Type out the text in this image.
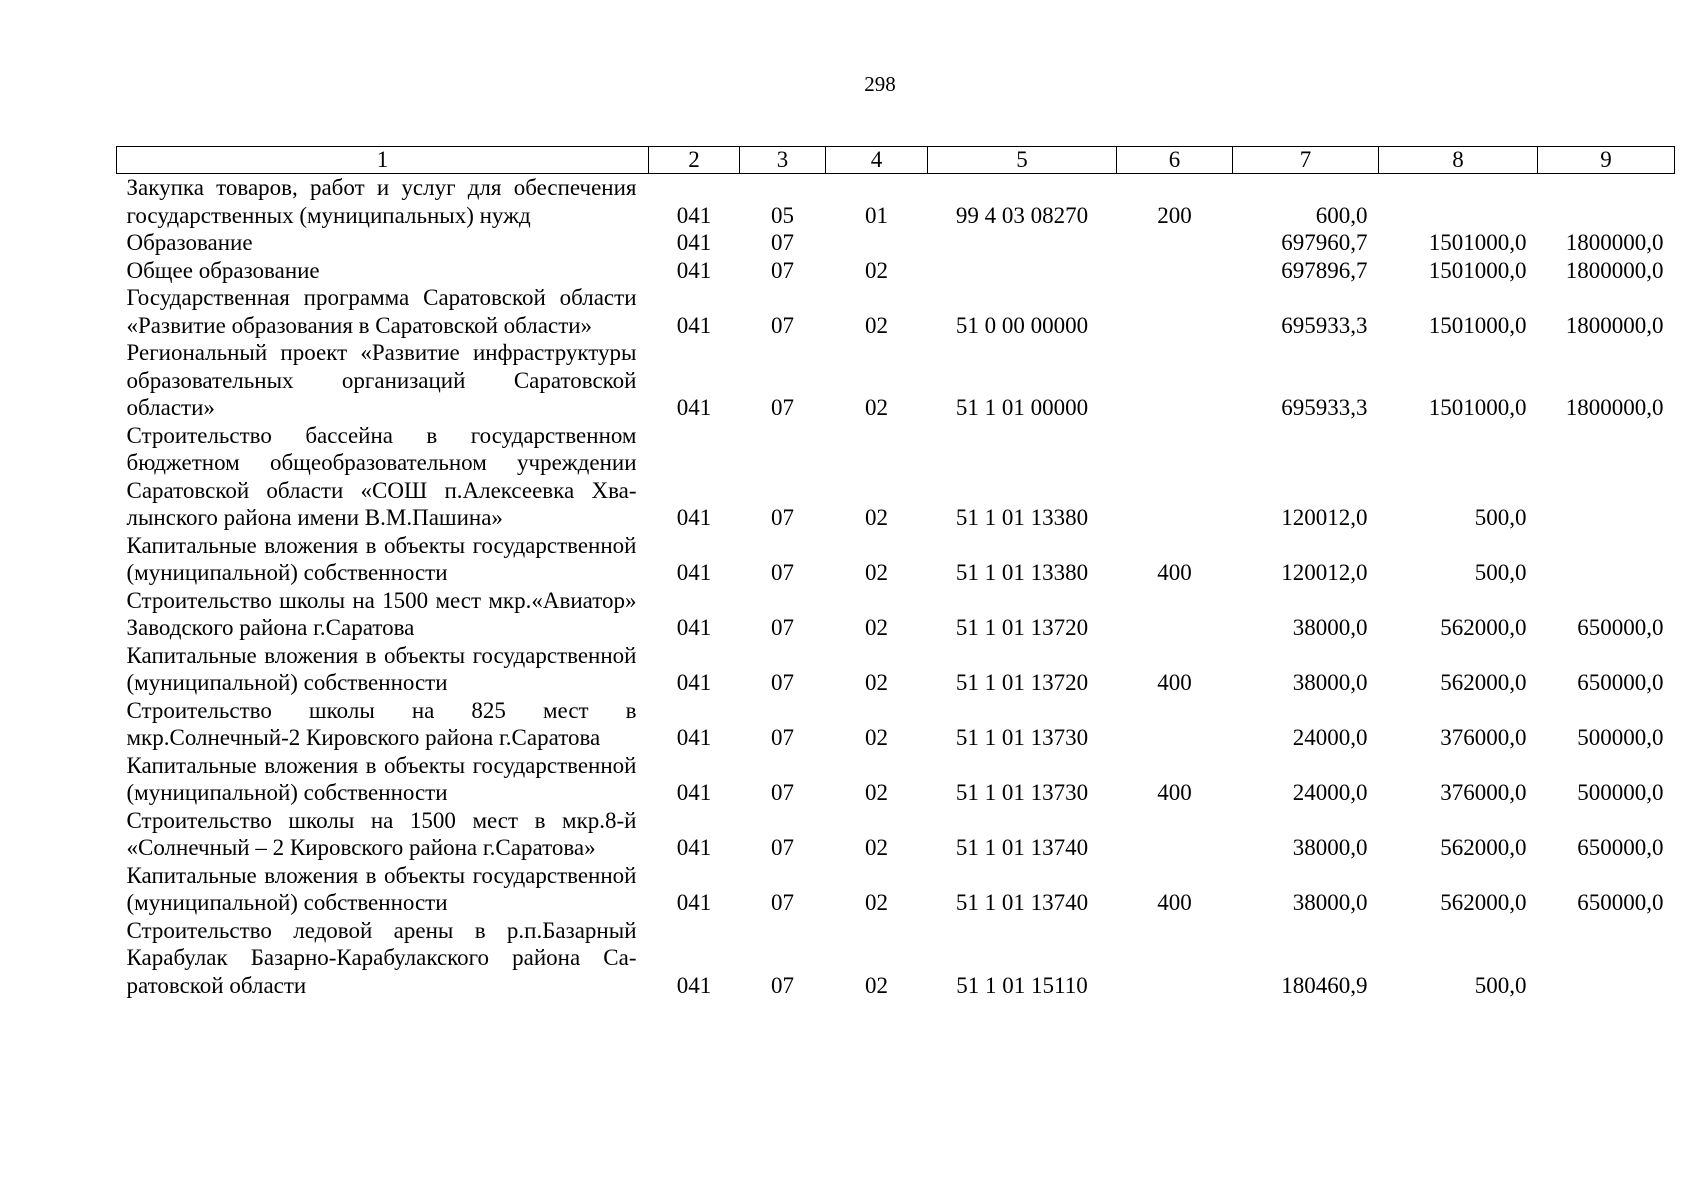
298
1	2	3	4	5	6	7	8	9
Закупка товаров, работ и услуг для обеспечения государственных (муниципальных) нужд	041	05	01	99 4 03 08270	200	600,0		
Образование	041	07				697960,7	1501000,0	1800000,0
Общее образование	041	07	02			697896,7	1501000,0	1800000,0
Государственная программа Саратовской области «Развитие образования в Саратовской области»	041	07	02	51 0 00 00000		695933,3	1501000,0	1800000,0
Региональный проект «Развитие инфраструктуры образовательных организаций Саратовской области»	041	07	02	51 1 01 00000		695933,3	1501000,0	1800000,0
Строительство бассейна в государственном бюджетном общеобразовательном учреждении Саратовской области «СОШ п.Алексеевка Хвалынского района имени В.М.Пашина»	041	07	02	51 1 01 13380		120012,0	500,0	
Капитальные вложения в объекты государственной (муниципальной) собственности	041	07	02	51 1 01 13380	400	120012,0	500,0	
Строительство школы на 1500 мест мкр.«Авиатор» Заводского района г.Саратова	041	07	02	51 1 01 13720		38000,0	562000,0	650000,0
Капитальные вложения в объекты государственной (муниципальной) собственности	041	07	02	51 1 01 13720	400	38000,0	562000,0	650000,0
Строительство школы на 825 мест в мкр.Солнечный-2 Кировского района г.Саратова	041	07	02	51 1 01 13730		24000,0	376000,0	500000,0
Капитальные вложения в объекты государственной (муниципальной) собственности	041	07	02	51 1 01 13730	400	24000,0	376000,0	500000,0
Строительство школы на 1500 мест в мкр.8-й «Солнечный – 2 Кировского района г.Саратова»	041	07	02	51 1 01 13740		38000,0	562000,0	650000,0
Капитальные вложения в объекты государственной (муниципальной) собственности	041	07	02	51 1 01 13740	400	38000,0	562000,0	650000,0
Строительство ледовой арены в р.п.Базарный Карабулак Базарно-Карабулакского района Саратовской области	041	07	02	51 1 01 15110		180460,9	500,0	
